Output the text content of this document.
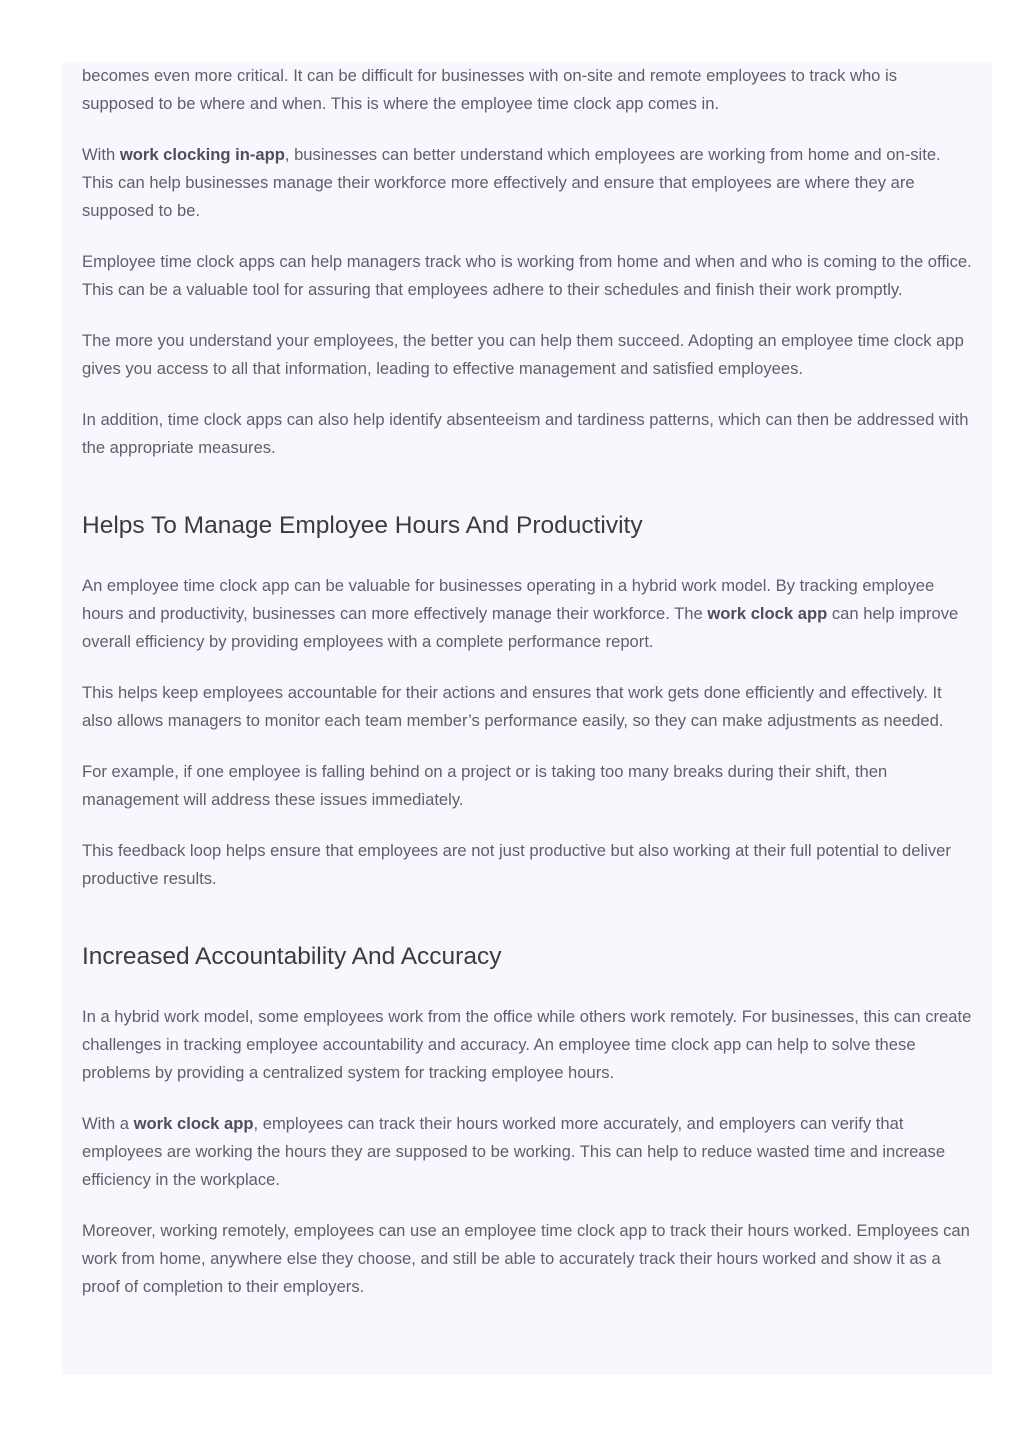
becomes even more critical. It can be difficult for businesses with on-site and remote employees to track who is supposed to be where and when. This is where the employee time clock app comes in.

With work clocking in-app, businesses can better understand which employees are working from home and on-site. This can help businesses manage their workforce more effectively and ensure that employees are where they are supposed to be.

Employee time clock apps can help managers track who is working from home and when and who is coming to the office. This can be a valuable tool for assuring that employees adhere to their schedules and finish their work promptly.

The more you understand your employees, the better you can help them succeed. Adopting an employee time clock app gives you access to all that information, leading to effective management and satisfied employees.

In addition, time clock apps can also help identify absenteeism and tardiness patterns, which can then be addressed with the appropriate measures.

Helps To Manage Employee Hours And Productivity

An employee time clock app can be valuable for businesses operating in a hybrid work model. By tracking employee hours and productivity, businesses can more effectively manage their workforce. The work clock app can help improve overall efficiency by providing employees with a complete performance report.

This helps keep employees accountable for their actions and ensures that work gets done efficiently and effectively. It also allows managers to monitor each team member’s performance easily, so they can make adjustments as needed.

For example, if one employee is falling behind on a project or is taking too many breaks during their shift, then management will address these issues immediately.

This feedback loop helps ensure that employees are not just productive but also working at their full potential to deliver productive results.

Increased Accountability And Accuracy

In a hybrid work model, some employees work from the office while others work remotely. For businesses, this can create challenges in tracking employee accountability and accuracy. An employee time clock app can help to solve these problems by providing a centralized system for tracking employee hours.

With a work clock app, employees can track their hours worked more accurately, and employers can verify that employees are working the hours they are supposed to be working. This can help to reduce wasted time and increase efficiency in the workplace.

Moreover, working remotely, employees can use an employee time clock app to track their hours worked. Employees can work from home, anywhere else they choose, and still be able to accurately track their hours worked and show it as a proof of completion to their employers.
